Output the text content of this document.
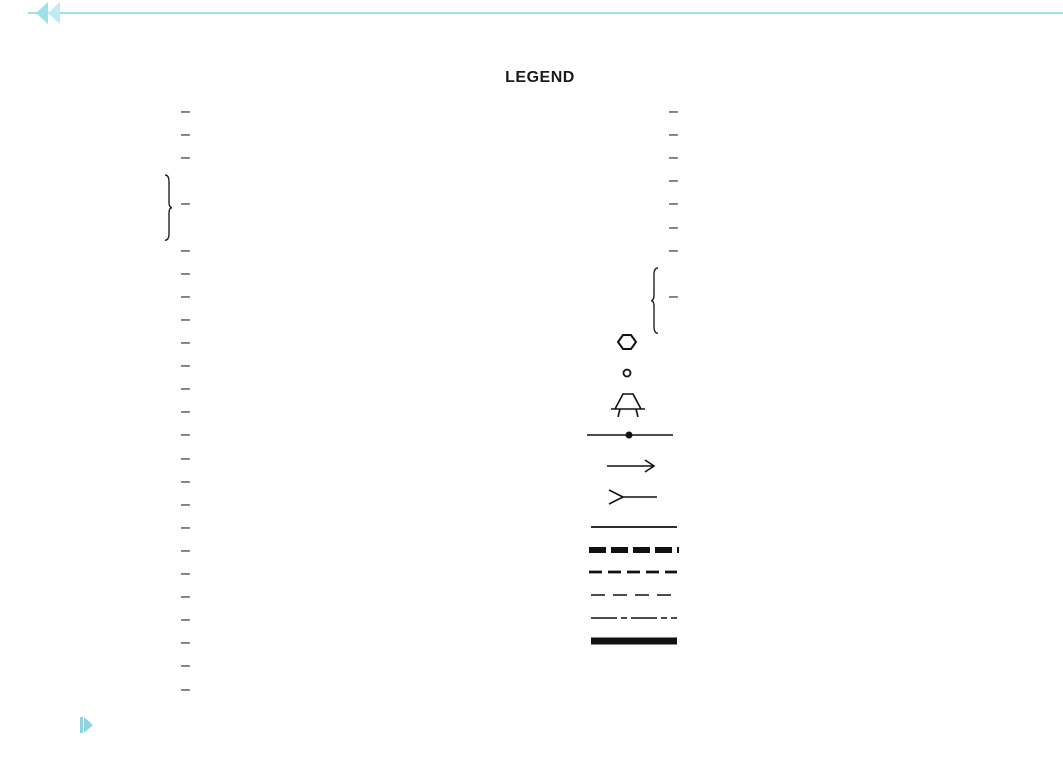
LEGEND
–
–
–
–
–
–
–
–
–
–
–
–
–
–
–
–
–
–
–
–
–
–
–
–
–
–
–
–
–
–
–
–
